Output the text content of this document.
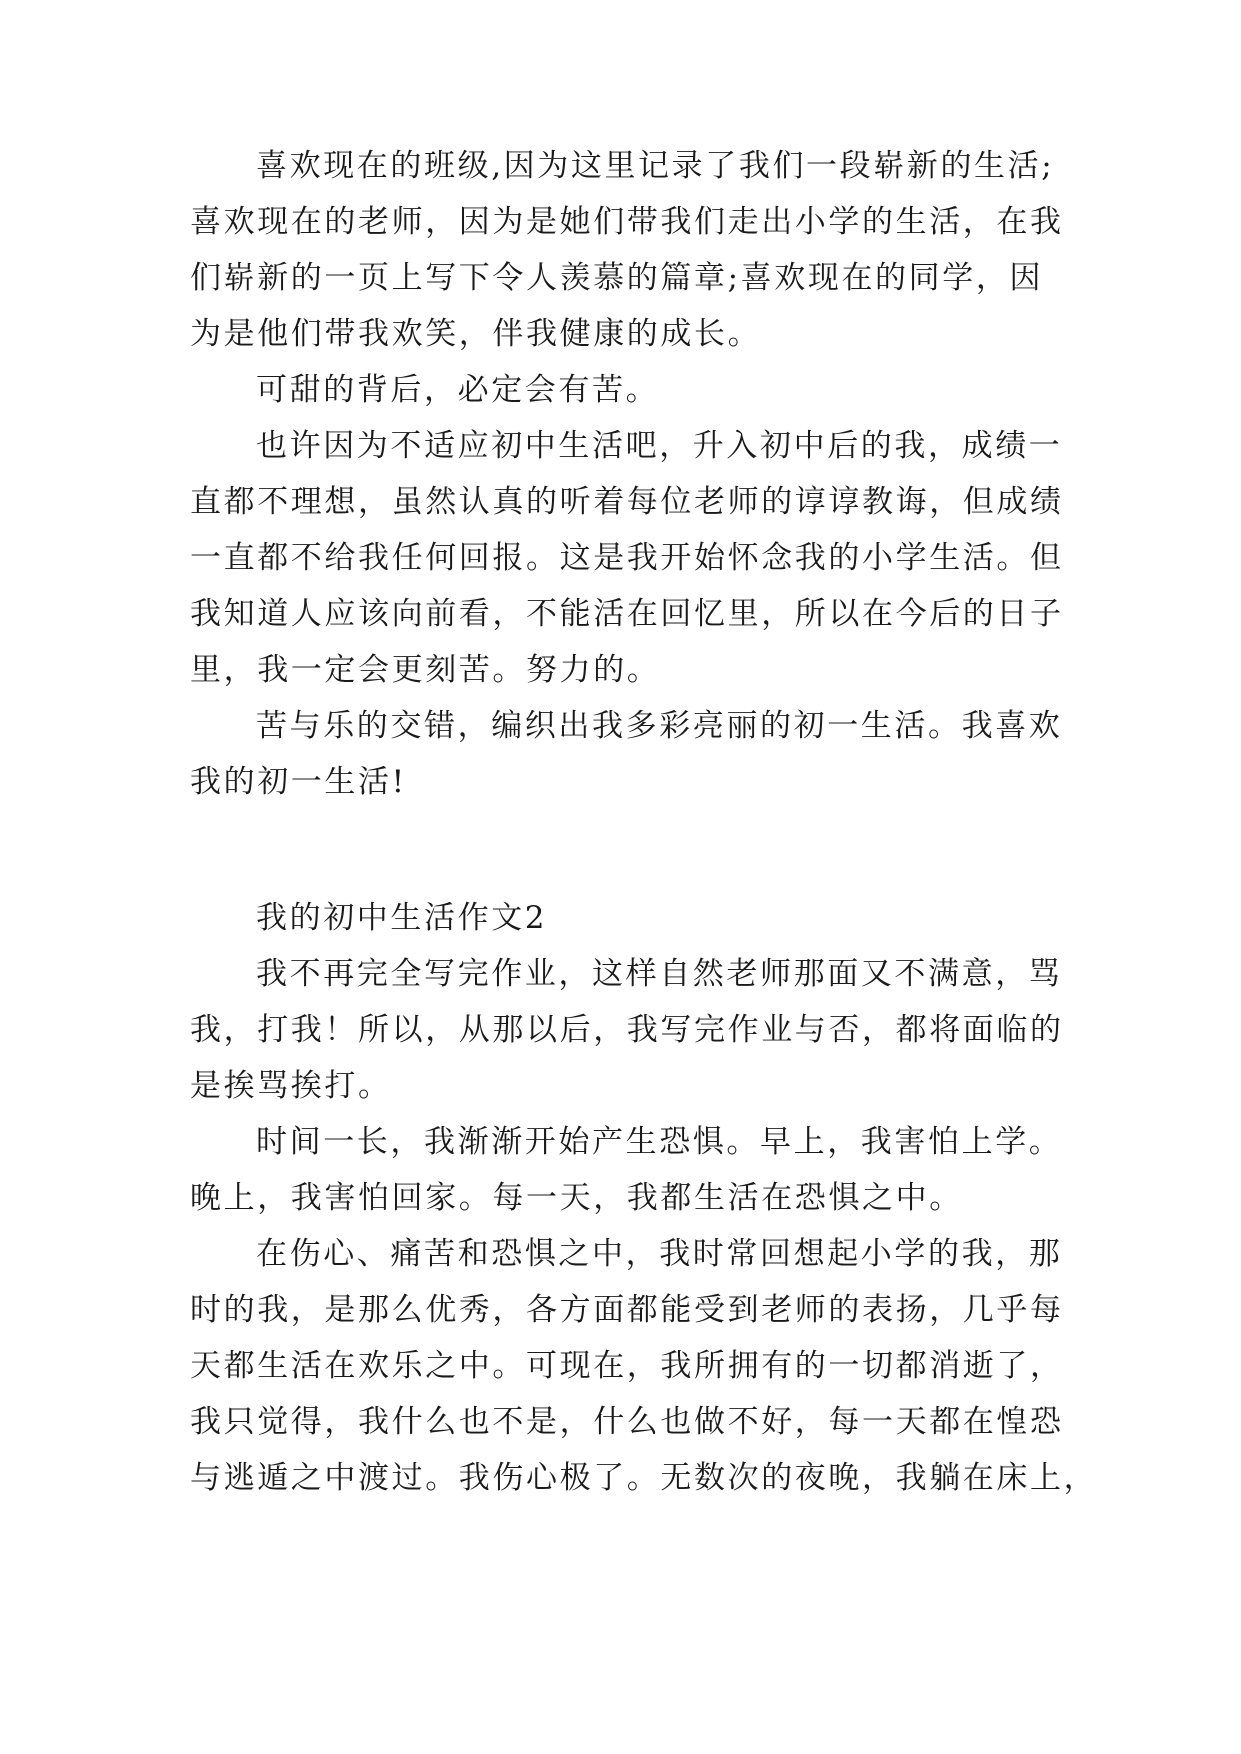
喜欢现在的班级,因为这里记录了我们一段崭新的生活;
喜欢现在的老师，因为是她们带我们走出小学的生活，在我
们崭新的一页上写下令人羡慕的篇章;喜欢现在的同学，因
为是他们带我欢笑，伴我健康的成长。
可甜的背后，必定会有苦。
也许因为不适应初中生活吧，升入初中后的我，成绩一
直都不理想，虽然认真的听着每位老师的谆谆教诲，但成绩
一直都不给我任何回报。这是我开始怀念我的小学生活。但
我知道人应该向前看，不能活在回忆里，所以在今后的日子
里，我一定会更刻苦。努力的。
苦与乐的交错，编织出我多彩亮丽的初一生活。我喜欢
我的初一生活!
我的初中生活作文2
我不再完全写完作业，这样自然老师那面又不满意，骂
我，打我！所以，从那以后，我写完作业与否，都将面临的
是挨骂挨打。
时间一长，我渐渐开始产生恐惧。早上，我害怕上学。
晚上，我害怕回家。每一天，我都生活在恐惧之中。
在伤心、痛苦和恐惧之中，我时常回想起小学的我，那
时的我，是那么优秀，各方面都能受到老师的表扬，几乎每
天都生活在欢乐之中。可现在，我所拥有的一切都消逝了，
我只觉得，我什么也不是，什么也做不好，每一天都在惶恐
与逃遁之中渡过。我伤心极了。无数次的夜晚，我躺在床上，
